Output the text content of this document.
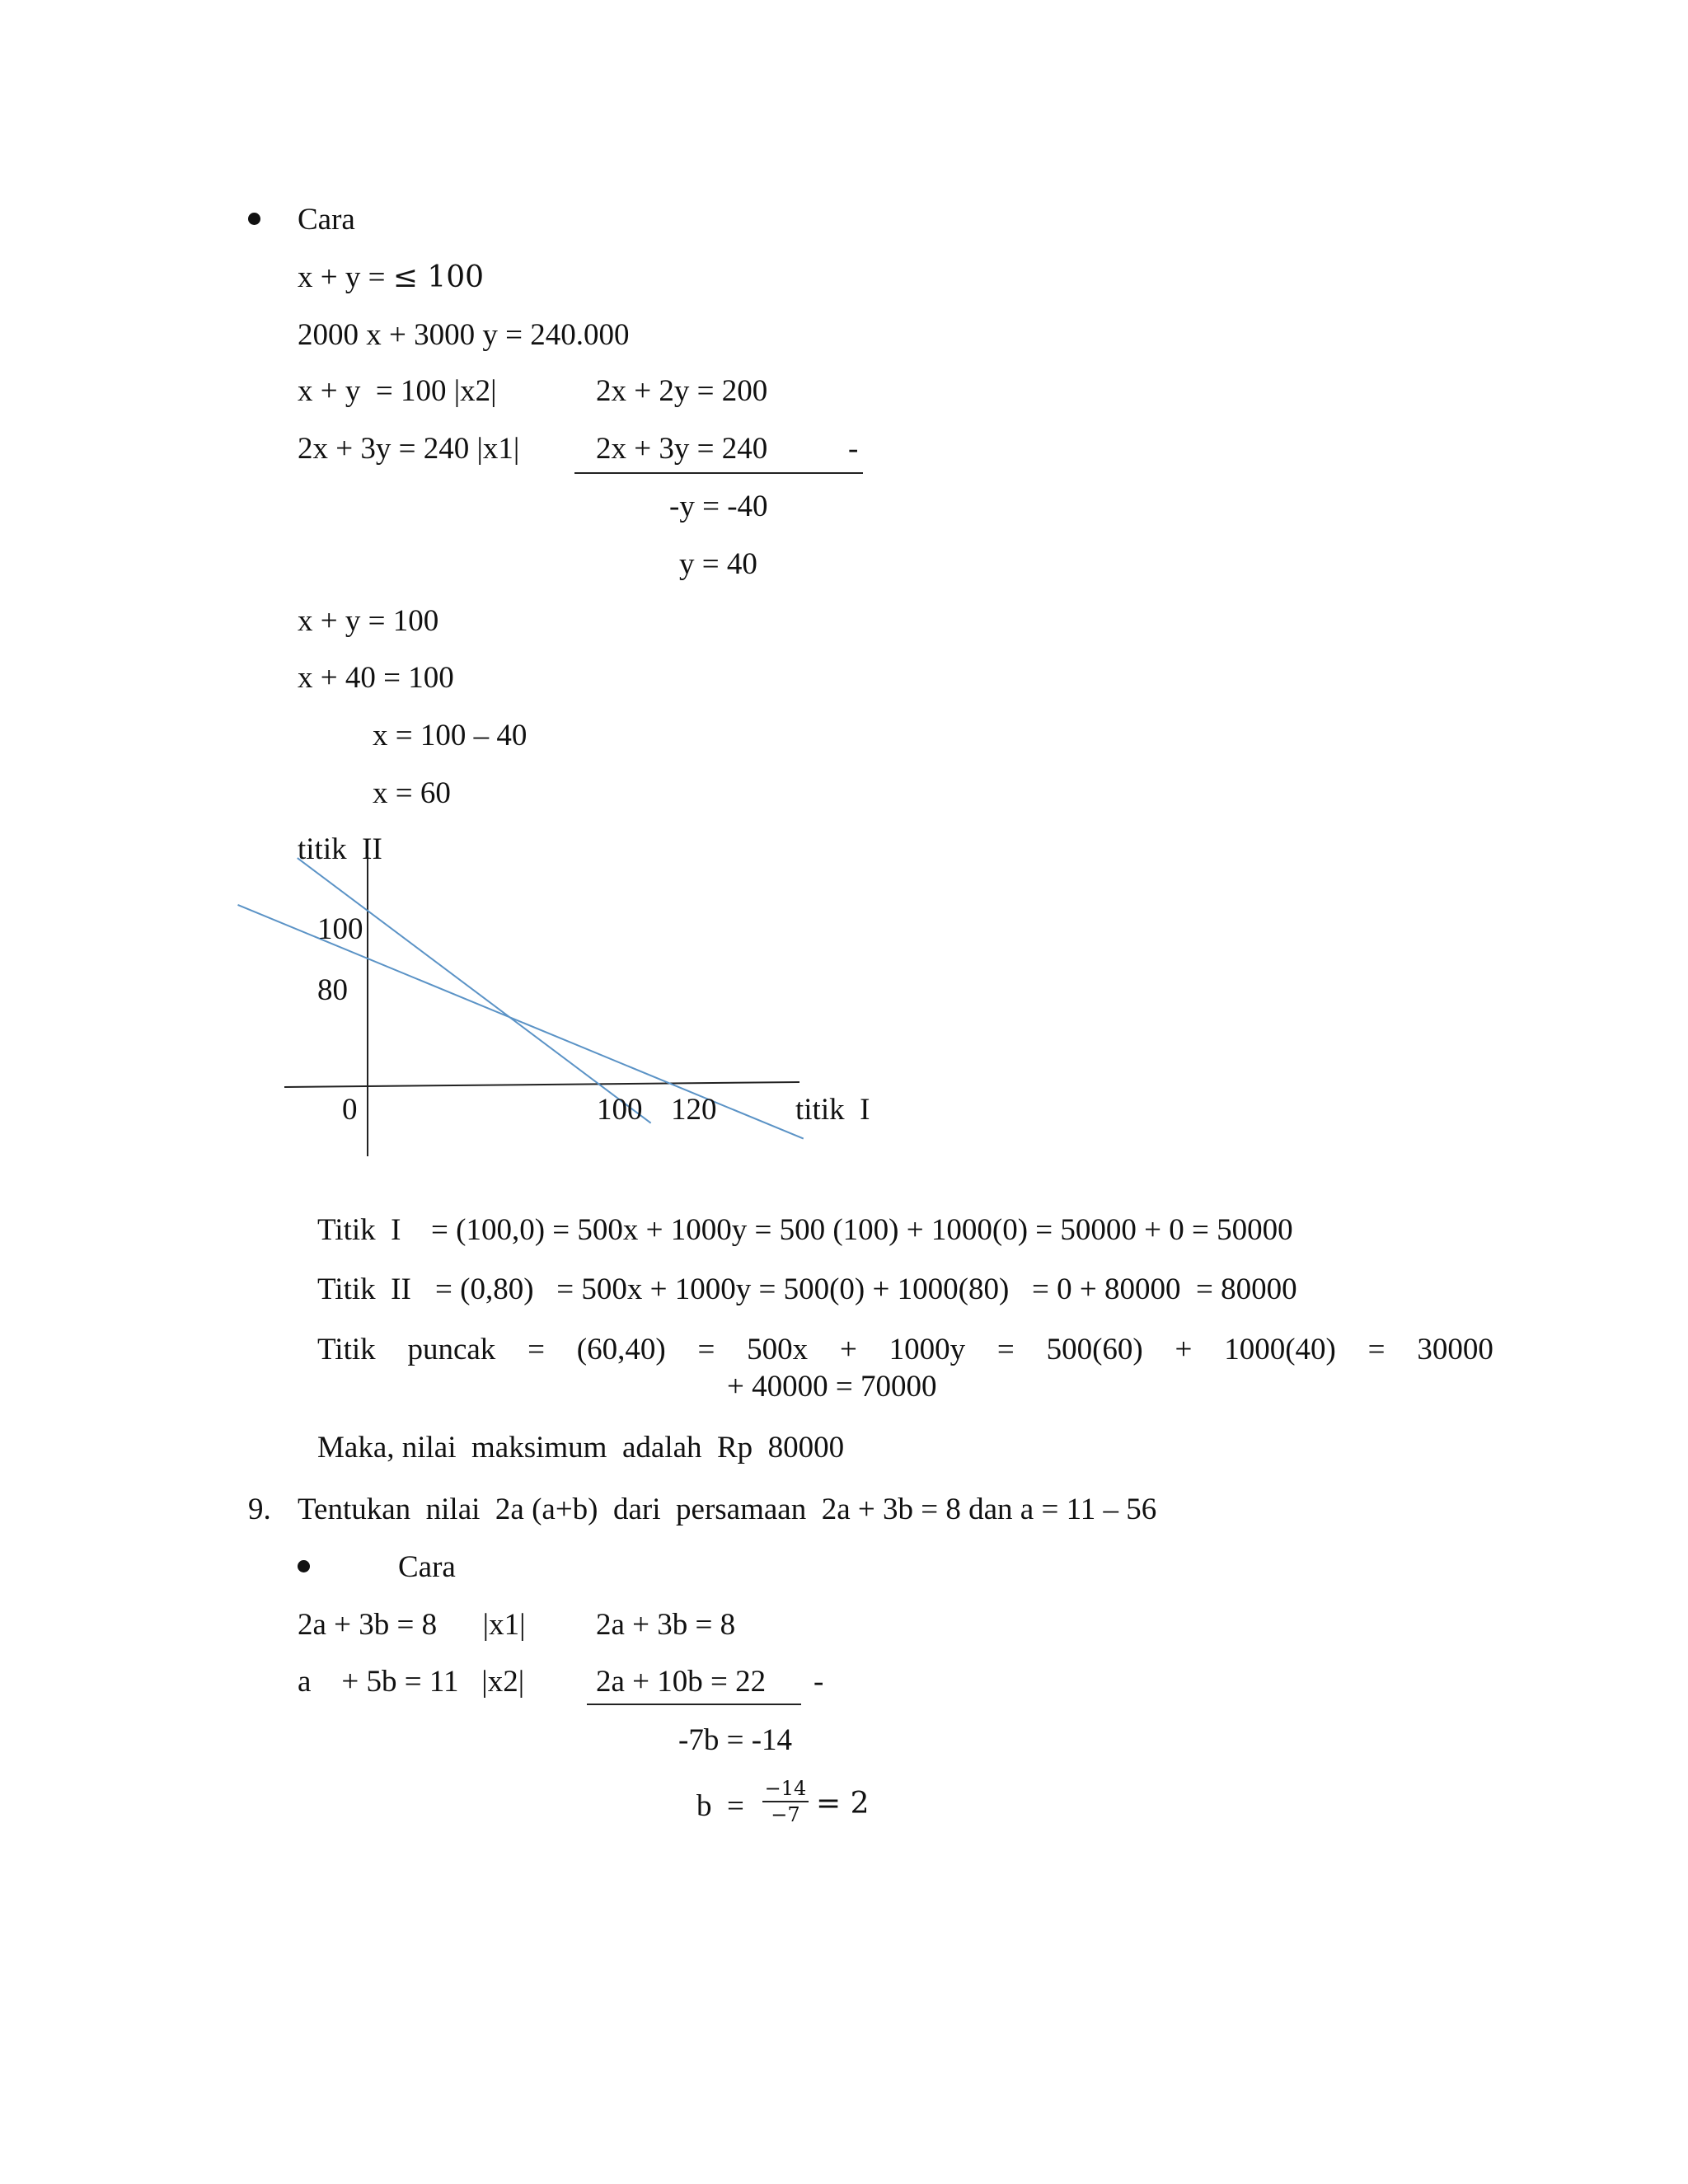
Cara
x + y = ≤ 100
2000 x + 3000 y = 240.000
x + y  = 100 |x2|	2x + 2y = 200
2x + 3y = 240 |x1|	2x + 3y = 240	-
-y = -40
y = 40
x + y = 100
x + 40 = 100
x = 100 – 40
x = 60
titik  II
100
80
0	100 120	titik  I
Titik  I = (100,0) = 500x + 1000y = 500 (100) + 1000(0) = 50000 + 0 = 50000
Titik  II = (0,80)   = 500x + 1000y = 500(0) + 1000(80)   = 0 + 80000  = 80000
Titik puncak = (60,40) = 500x + 1000y = 500(60) + 1000(40) = 30000
+ 40000 = 70000
Maka, nilai  maksimum  adalah  Rp  80000
9. Tentukan  nilai  2a (a+b)  dari  persamaan  2a + 3b = 8 dan a = 11 – 56
Cara
2a + 3b = 8      |x1| 2a + 3b = 8
a    + 5b = 11   |x2| 2a + 10b = 22 -
-7b = -14
b  =
−14
−7 = 2
